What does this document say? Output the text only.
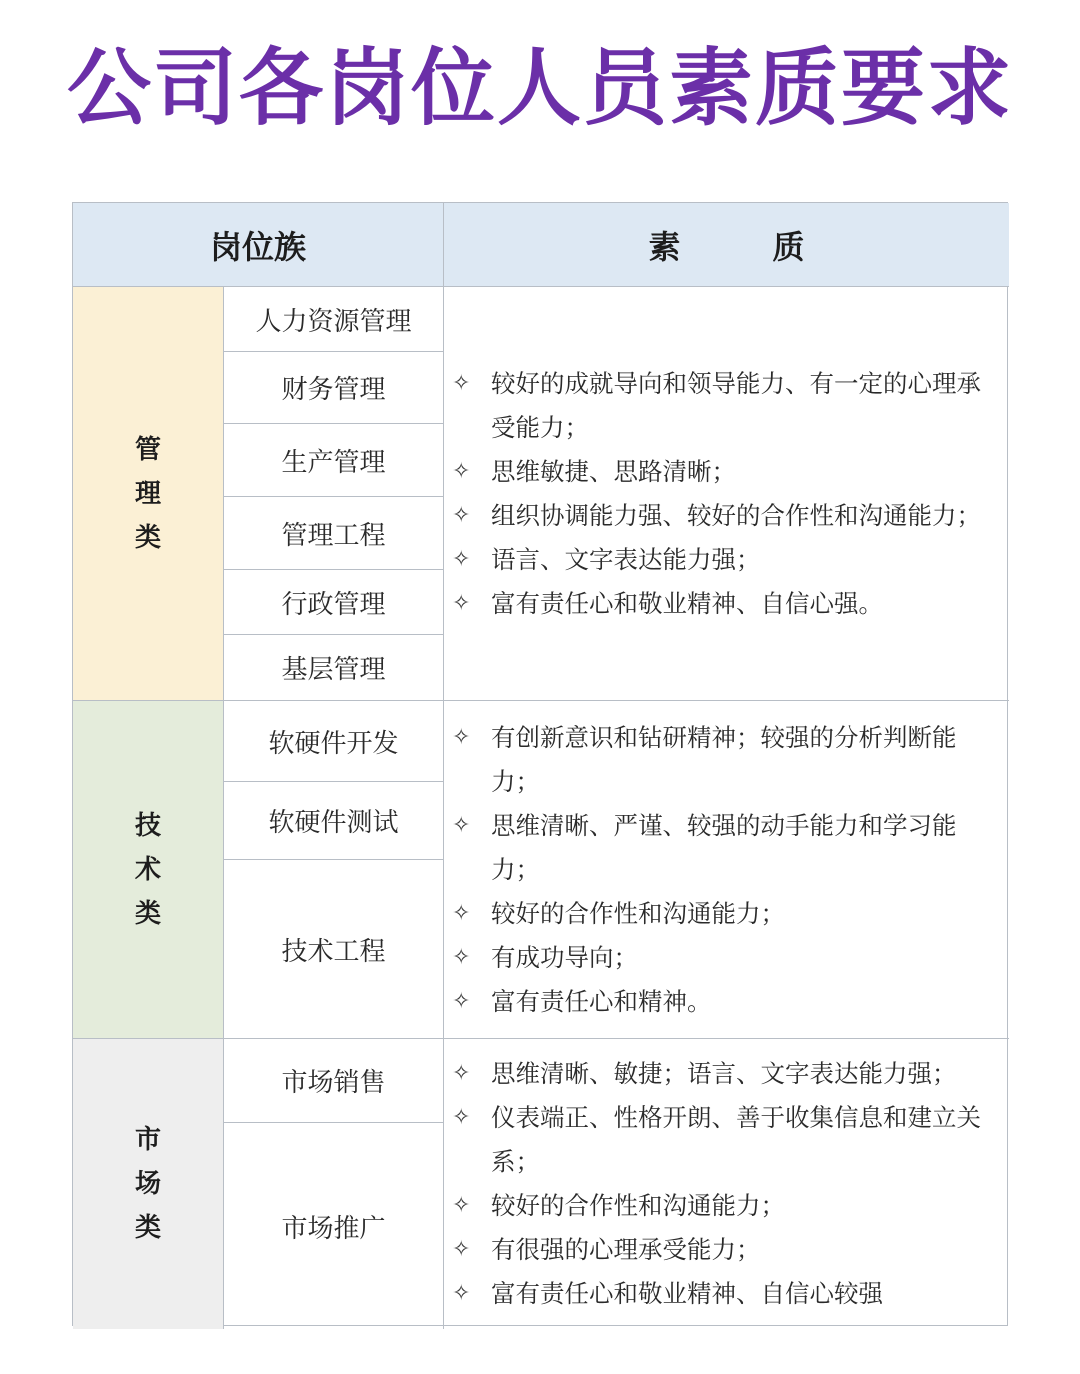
公司各岗位人员素质要求
岗位族	素　质
管
理
类
人力资源管理
财务管理
生产管理
管理工程
行政管理
基层管理
✧ 较好的成就导向和领导能力、有一定的心理承受能力；
✧ 思维敏捷、思路清晰；
✧ 组织协调能力强、较好的合作性和沟通能力；
✧ 语言、文字表达能力强；
✧ 富有责任心和敬业精神、自信心强。
技
术
类
软硬件开发
软硬件测试
技术工程
✧ 有创新意识和钻研精神；较强的分析判断能力；
✧ 思维清晰、严谨、较强的动手能力和学习能力；
✧ 较好的合作性和沟通能力；
✧ 有成功导向；
✧ 富有责任心和精神。
市
场
类
市场销售
市场推广
✧ 思维清晰、敏捷；语言、文字表达能力强；
✧ 仪表端正、性格开朗、善于收集信息和建立关系；
✧ 较好的合作性和沟通能力；
✧ 有很强的心理承受能力；
✧ 富有责任心和敬业精神、自信心较强
